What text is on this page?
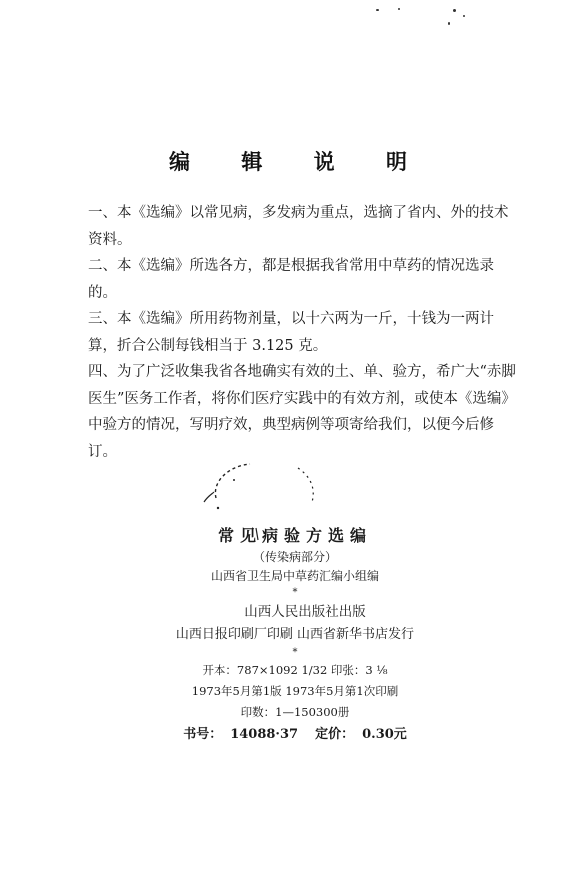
编 辑 说 明

一、本《选编》以常见病，多发病为重点，选摘了省内、外的技术资料。

二、本《选编》所选各方，都是根据我省常用中草药的情况选录的。

三、本《选编》所用药物剂量，以十六两为一斤，十钱为一两计算，折合公制每钱相当于 3.125 克。

四、为了广泛收集我省各地确实有效的土、单、验方，希广大“赤脚医生”医务工作者，将你们医疗实践中的有效方剂，或使本《选编》中验方的情况，写明疗效，典型病例等项寄给我们，以便今后修订。

常见病验方选编

（传染病部分）

山西省卫生局中草药汇编小组编

*

山西人民出版社出版

山西日报印刷厂印刷 山西省新华书店发行

*

开本：787×1092 1/32 印张：3 ⅛

1973年5月第1版 1973年5月第1次印刷

印数：1—150300册

书号： 14088·37 定价： 0.30元
